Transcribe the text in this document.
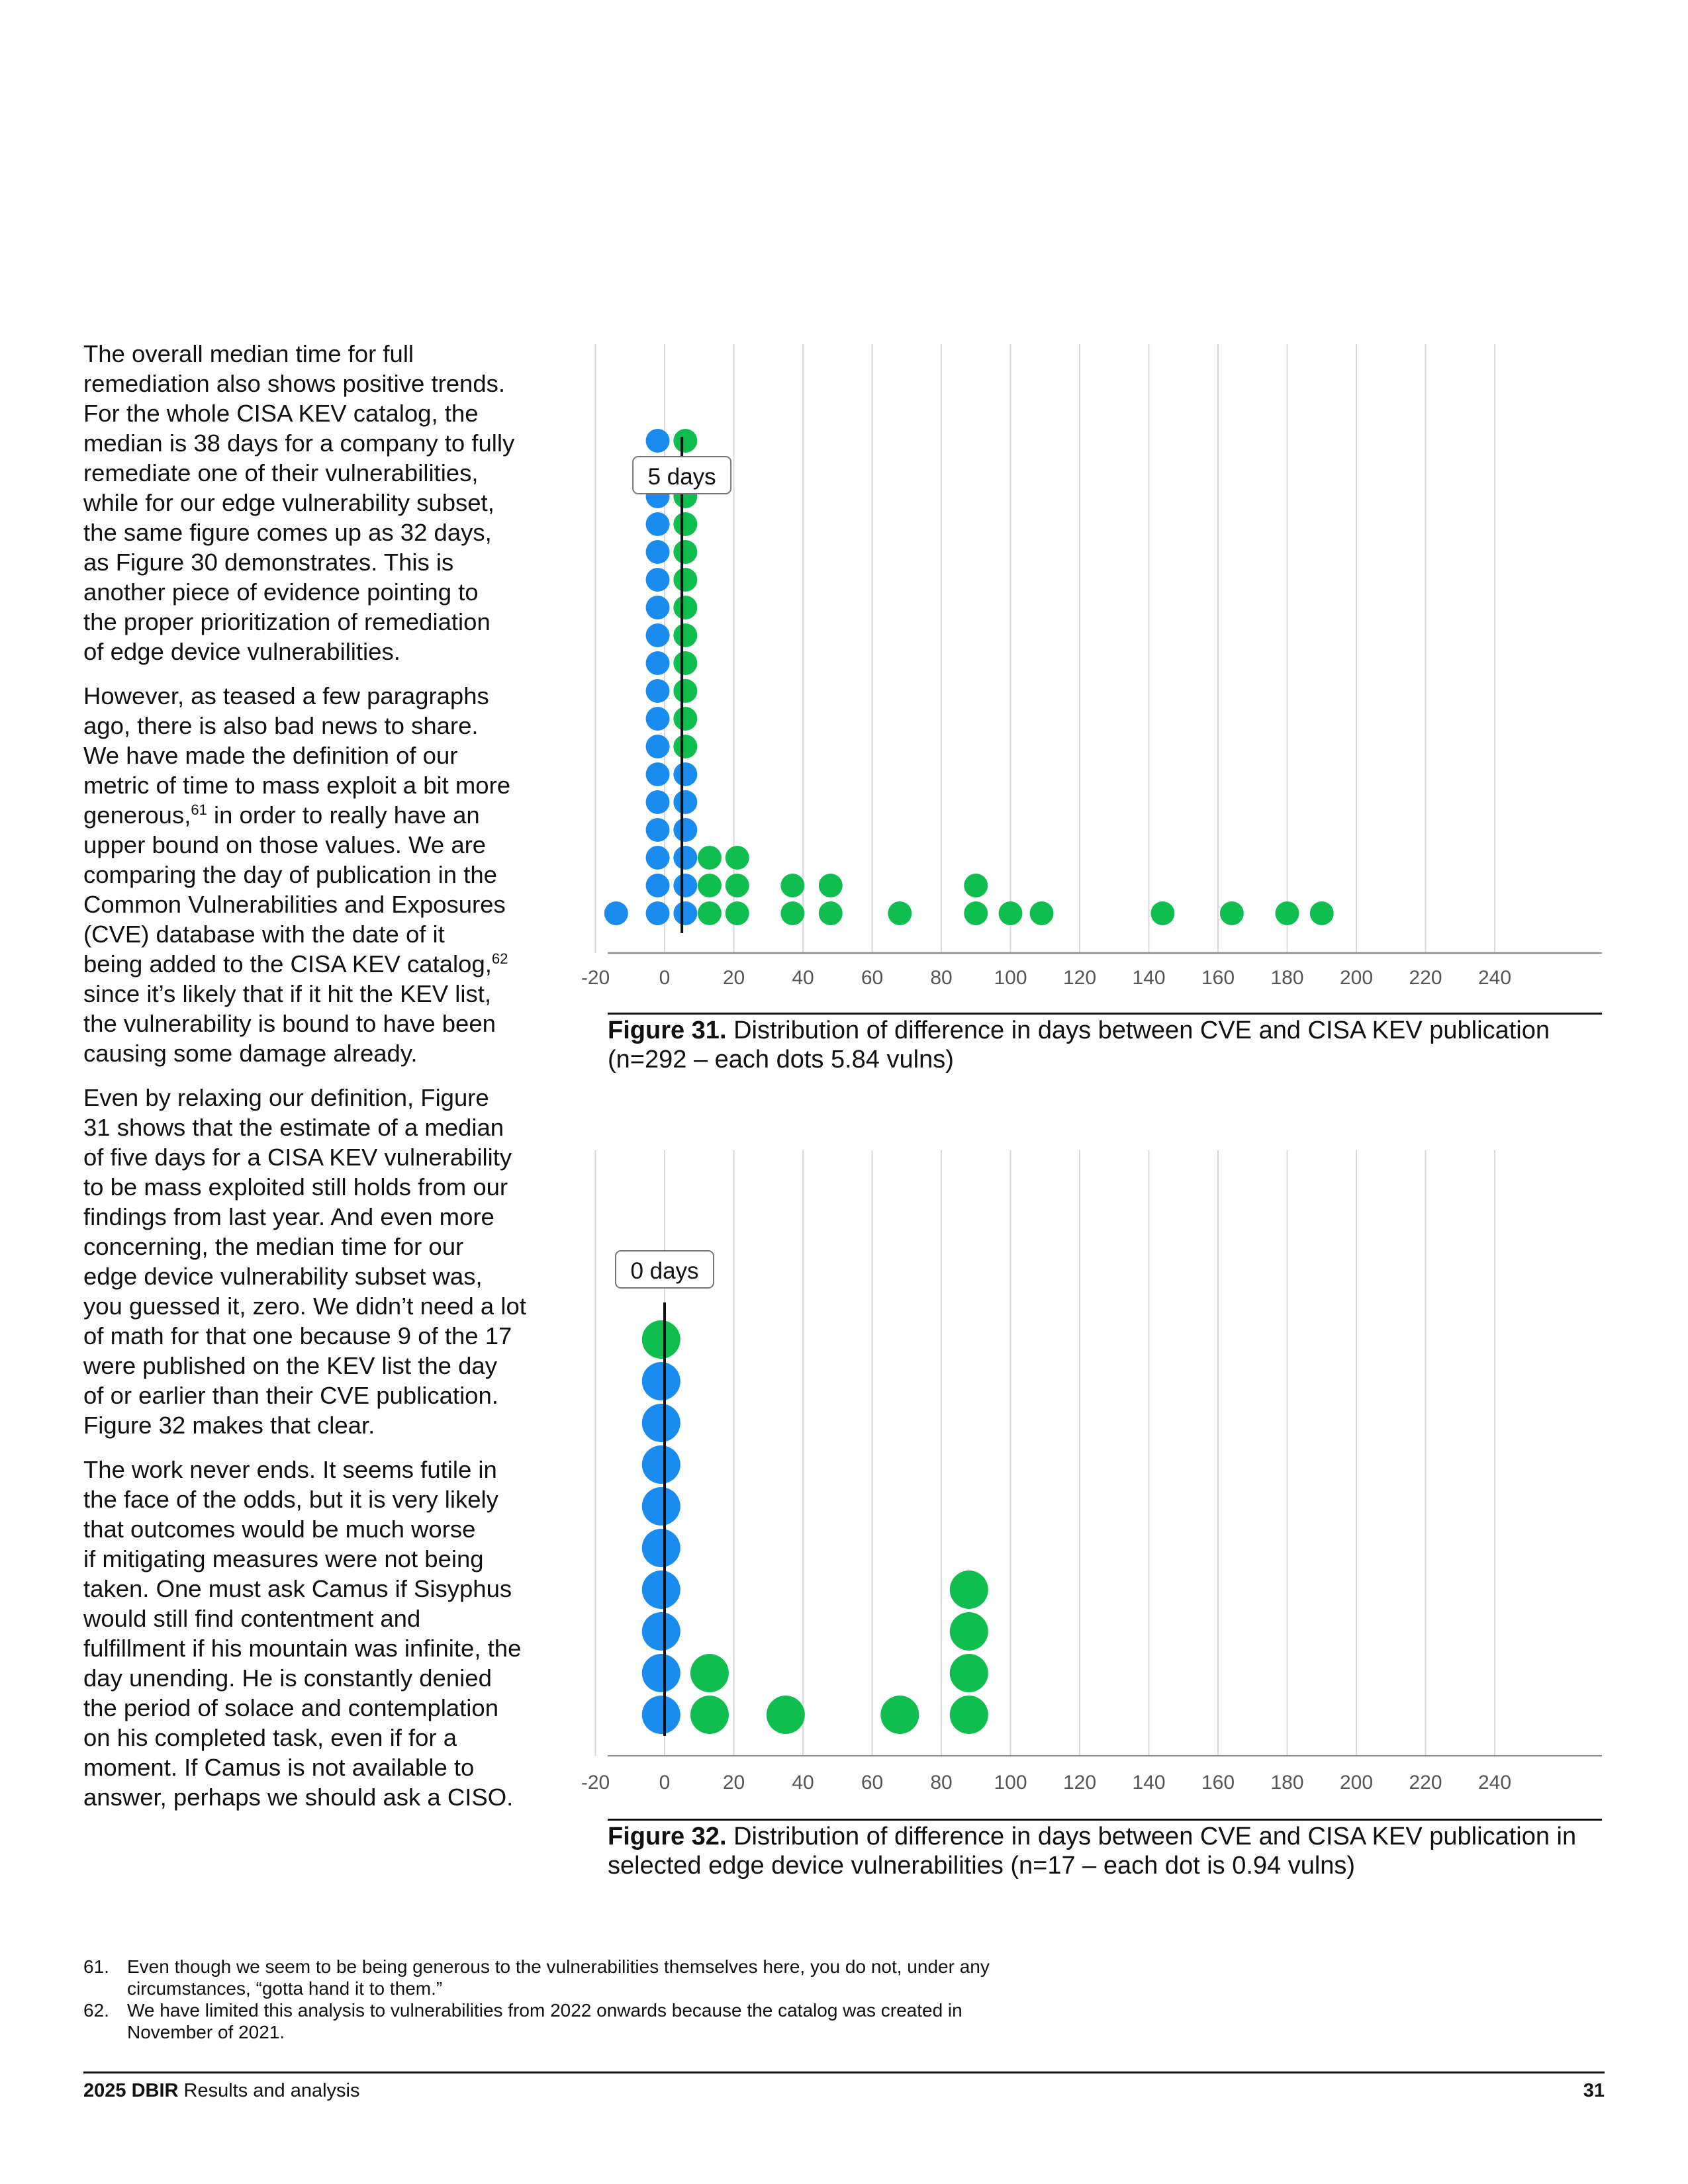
The overall median time for full
remediation also shows positive trends.
For the whole CISA KEV catalog, the
median is 38 days for a company to fully
remediate one of their vulnerabilities,
while for our edge vulnerability subset,
the same figure comes up as 32 days,
as Figure 30 demonstrates. This is
another piece of evidence pointing to
the proper prioritization of remediation
of edge device vulnerabilities.

However, as teased a few paragraphs
ago, there is also bad news to share.
We have made the definition of our
metric of time to mass exploit a bit more
generous,$^{61}$ in order to really have an
upper bound on those values. We are
comparing the day of publication in the
Common Vulnerabilities and Exposures
(CVE) database with the date of it
being added to the CISA KEV catalog,$^{62}$
since it’s likely that if it hit the KEV list,
the vulnerability is bound to have been
causing some damage already.

Even by relaxing our definition, Figure
31 shows that the estimate of a median
of five days for a CISA KEV vulnerability
to be mass exploited still holds from our
findings from last year. And even more
concerning, the median time for our
edge device vulnerability subset was,
you guessed it, zero. We didn’t need a lot
of math for that one because 9 of the 17
were published on the KEV list the day
of or earlier than their CVE publication.
Figure 32 makes that clear.

The work never ends. It seems futile in
the face of the odds, but it is very likely
that outcomes would be much worse
if mitigating measures were not being
taken. One must ask Camus if Sisyphus
would still find contentment and
fulfillment if his mountain was infinite, the
day unending. He is constantly denied
the period of solace and contemplation
on his completed task, even if for a
moment. If Camus is not available to
answer, perhaps we should ask a CISO.

-20 0	20 40 60 80 100 120 140 160 180 200 220 240
5 days
Figure 31. Distribution of difference in days between CVE and CISA KEV publication (n=292 – each dots 5.84 vulns)
-20 0	20 40 60 80 100 120 140 160 180 200 220 240
0 days
Figure 32. Distribution of difference in days between CVE and CISA KEV publication in selected edge device vulnerabilities (n=17 – each dot is 0.94 vulns)
61. Even though we seem to be being generous to the vulnerabilities themselves here, you do not, under any
circumstances, “gotta hand it to them.”
62. We have limited this analysis to vulnerabilities from 2022 onwards because the catalog was created in
November of 2021.
2025 DBIR Results and analysis	31
